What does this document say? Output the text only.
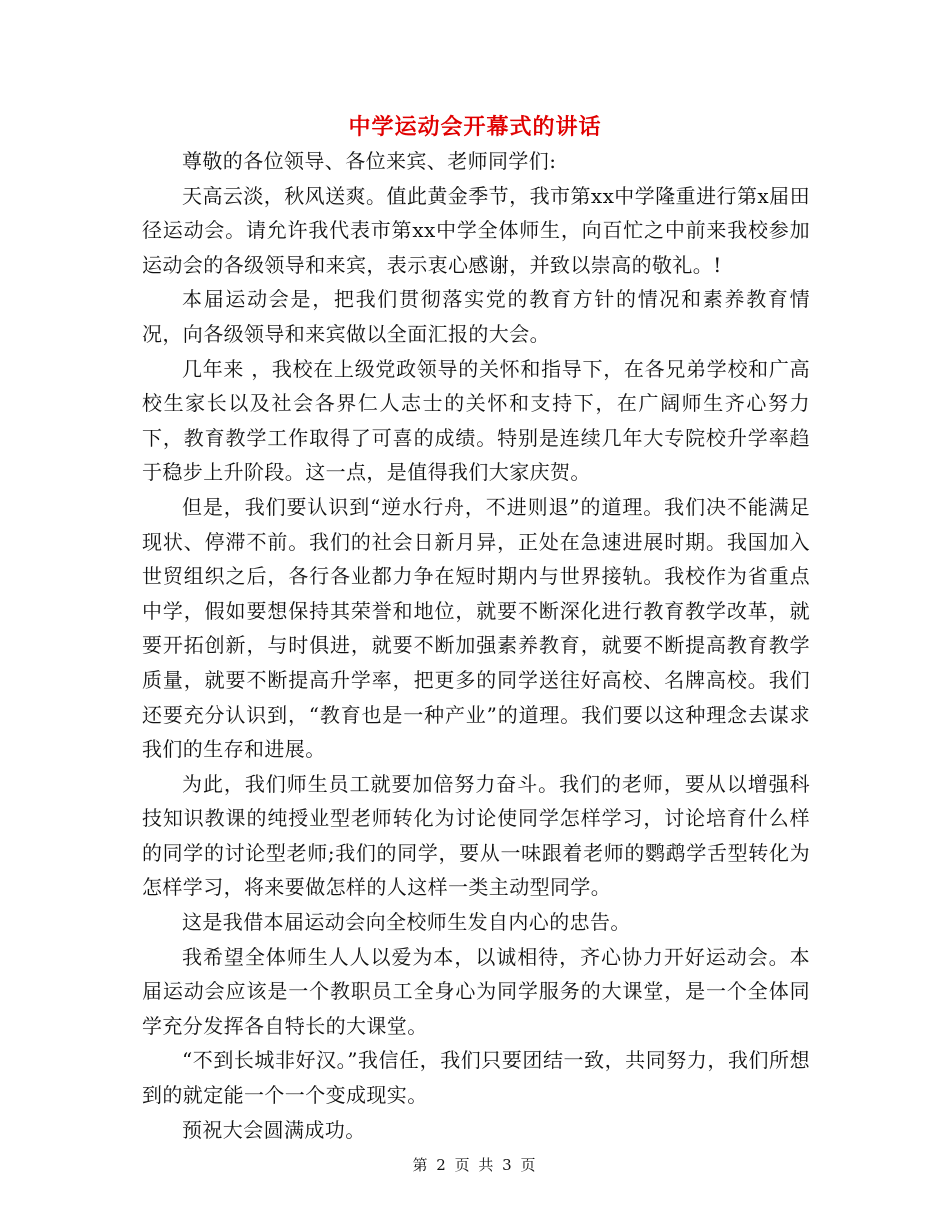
中学运动会开幕式的讲话

尊敬的各位领导、各位来宾、老师同学们:

天高云淡，秋风送爽。值此黄金季节，我市第xx中学隆重进行第x届田径运动会。请允许我代表市第xx中学全体师生，向百忙之中前来我校参加运动会的各级领导和来宾，表示衷心感谢，并致以崇高的敬礼。!

本届运动会是，把我们贯彻落实党的教育方针的情况和素养教育情况，向各级领导和来宾做以全面汇报的大会。

几年来 ，我校在上级党政领导的关怀和指导下，在各兄弟学校和广高校生家长以及社会各界仁人志士的关怀和支持下，在广阔师生齐心努力下，教育教学工作取得了可喜的成绩。特别是连续几年大专院校升学率趋于稳步上升阶段。这一点，是值得我们大家庆贺。

但是，我们要认识到“逆水行舟，不进则退”的道理。我们决不能满足现状、停滞不前。我们的社会日新月异，正处在急速进展时期。我国加入世贸组织之后，各行各业都力争在短时期内与世界接轨。我校作为省重点中学，假如要想保持其荣誉和地位，就要不断深化进行教育教学改革，就要开拓创新，与时俱进，就要不断加强素养教育，就要不断提高教育教学质量，就要不断提高升学率，把更多的同学送往好高校、名牌高校。我们还要充分认识到，“教育也是一种产业”的道理。我们要以这种理念去谋求我们的生存和进展。

为此，我们师生员工就要加倍努力奋斗。我们的老师，要从以增强科技知识教课的纯授业型老师转化为讨论使同学怎样学习，讨论培育什么样的同学的讨论型老师;我们的同学，要从一味跟着老师的鹦鹉学舌型转化为怎样学习，将来要做怎样的人这样一类主动型同学。

这是我借本届运动会向全校师生发自内心的忠告。

我希望全体师生人人以爱为本，以诚相待，齐心协力开好运动会。本届运动会应该是一个教职员工全身心为同学服务的大课堂，是一个全体同学充分发挥各自特长的大课堂。

“不到长城非好汉。”我信任，我们只要团结一致，共同努力，我们所想到的就定能一个一个变成现实。

预祝大会圆满成功。

第 2 页 共 3 页
